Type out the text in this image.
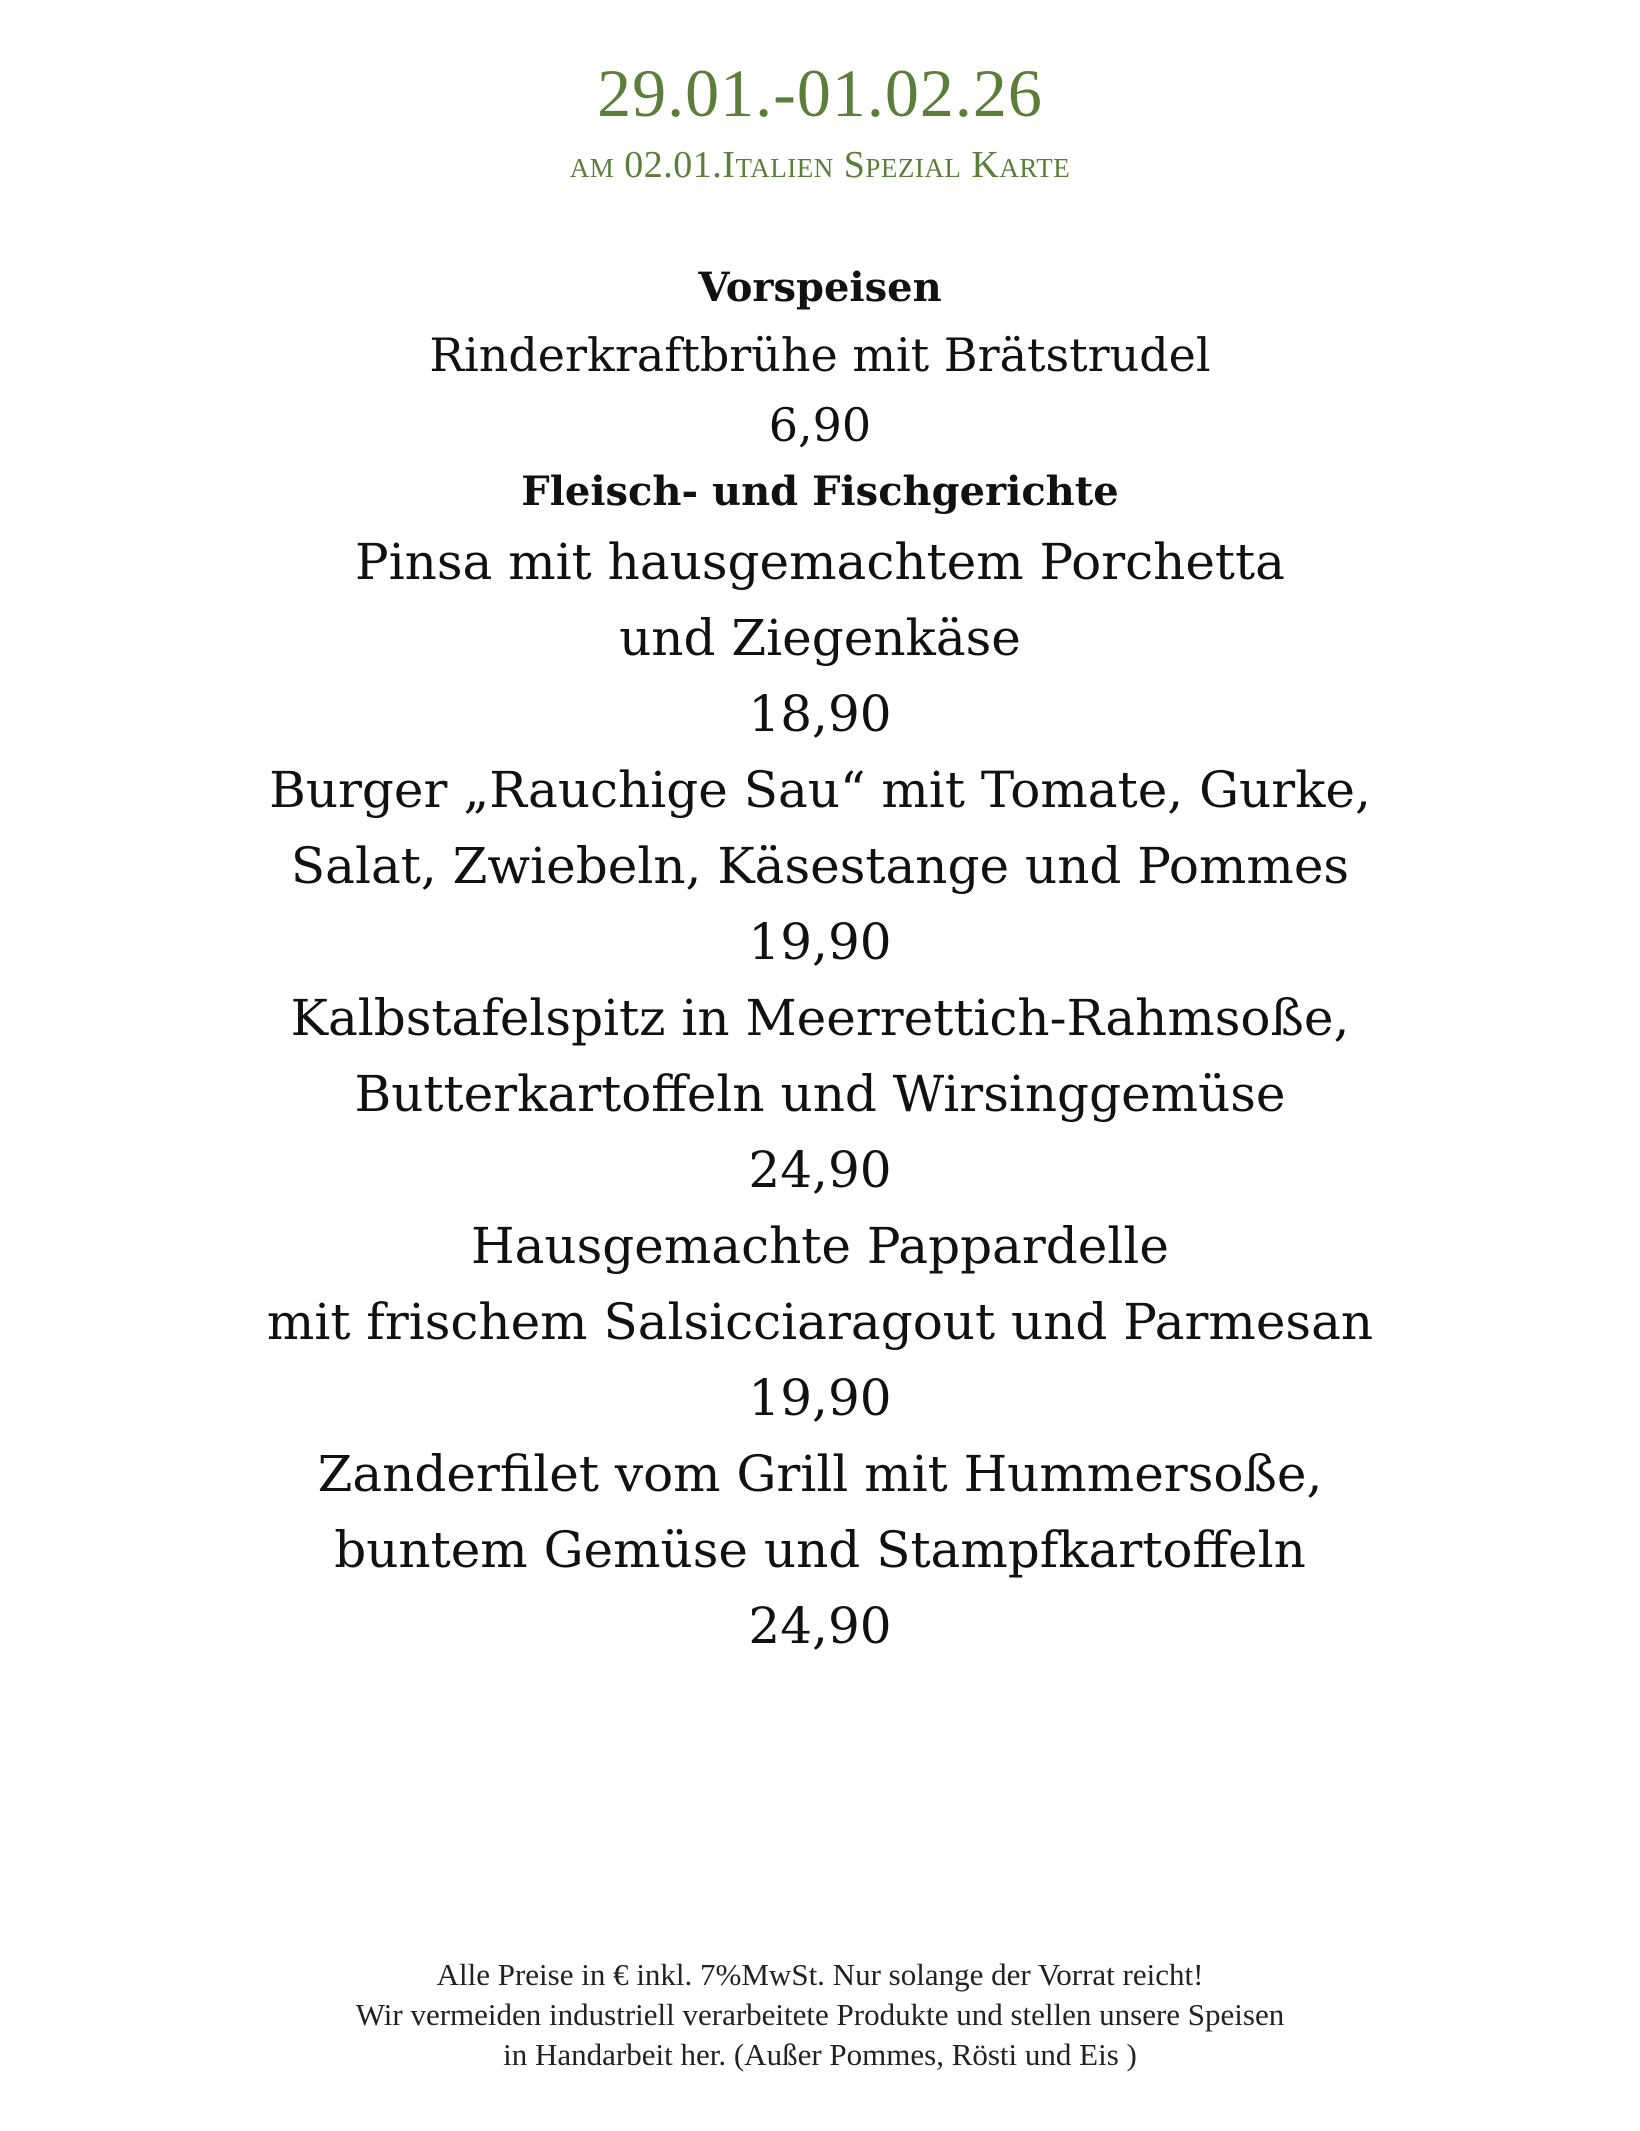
29.01.-01.02.26
am 02.01.Italien Spezial Karte
Vorspeisen
Rinderkraftbrühe mit Brätstrudel
6,90
Fleisch- und Fischgerichte
Pinsa mit hausgemachtem Porchetta
und Ziegenkäse
18,90
Burger „Rauchige Sau“ mit Tomate, Gurke,
Salat, Zwiebeln, Käsestange und Pommes
19,90
Kalbstafelspitz in Meerrettich-Rahmsoße,
Butterkartoffeln und Wirsinggemüse
24,90
Hausgemachte Pappardelle
mit frischem Salsicciaragout und Parmesan
19,90
Zanderfilet vom Grill mit Hummersoße,
buntem Gemüse und Stampfkartoffeln
24,90
Alle Preise in € inkl. 7%MwSt. Nur solange der Vorrat reicht!
Wir vermeiden industriell verarbeitete Produkte und stellen unsere Speisen
in Handarbeit her. (Außer Pommes, Rösti und Eis )
